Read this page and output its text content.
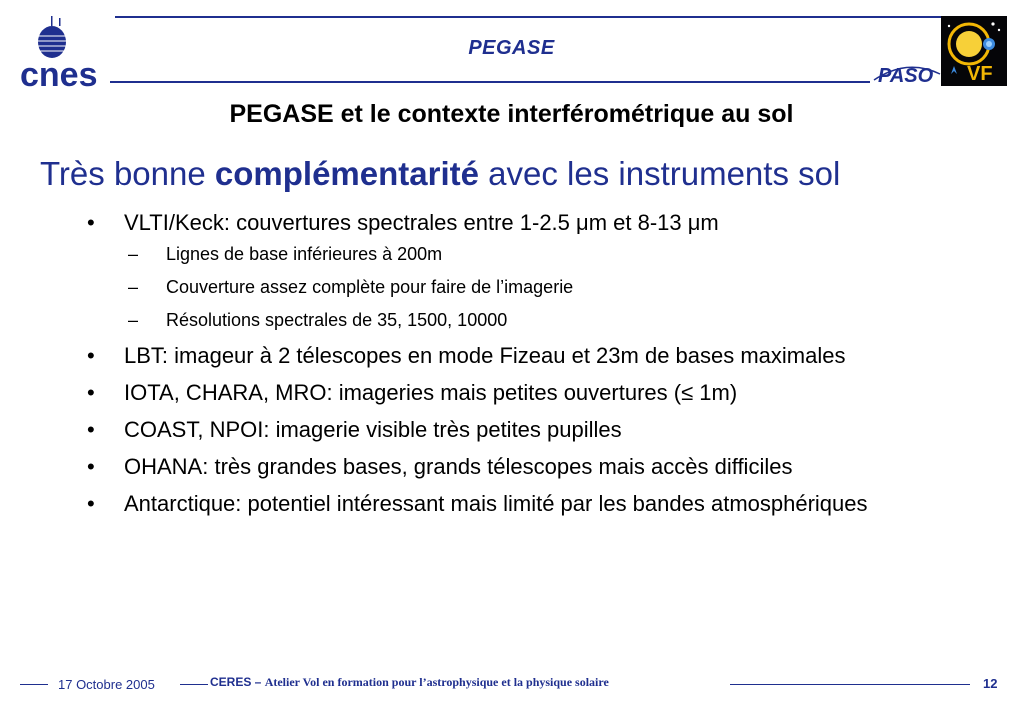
PEGASE
cnes	PASO VF
PEGASE et le contexte interférométrique au sol
Très bonne complémentarité avec les instruments sol
• VLTI/Keck: couvertures spectrales entre 1-2.5 μm et 8-13 μm
– Lignes de base inférieures à 200m
– Couverture assez complète pour faire de l’imagerie
– Résolutions spectrales de 35, 1500, 10000
• LBT: imageur à 2 télescopes en mode Fizeau et 23m de bases maximales
• IOTA, CHARA, MRO: imageries mais petites ouvertures (≤ 1m)
• COAST, NPOI: imagerie visible très petites pupilles
• OHANA: très grandes bases, grands télescopes mais accès difficiles
• Antarctique: potentiel intéressant mais limité par les bandes atmosphériques
17 Octobre 2005	CERES – Atelier Vol en formation pour l’astrophysique et la physique solaire	12
